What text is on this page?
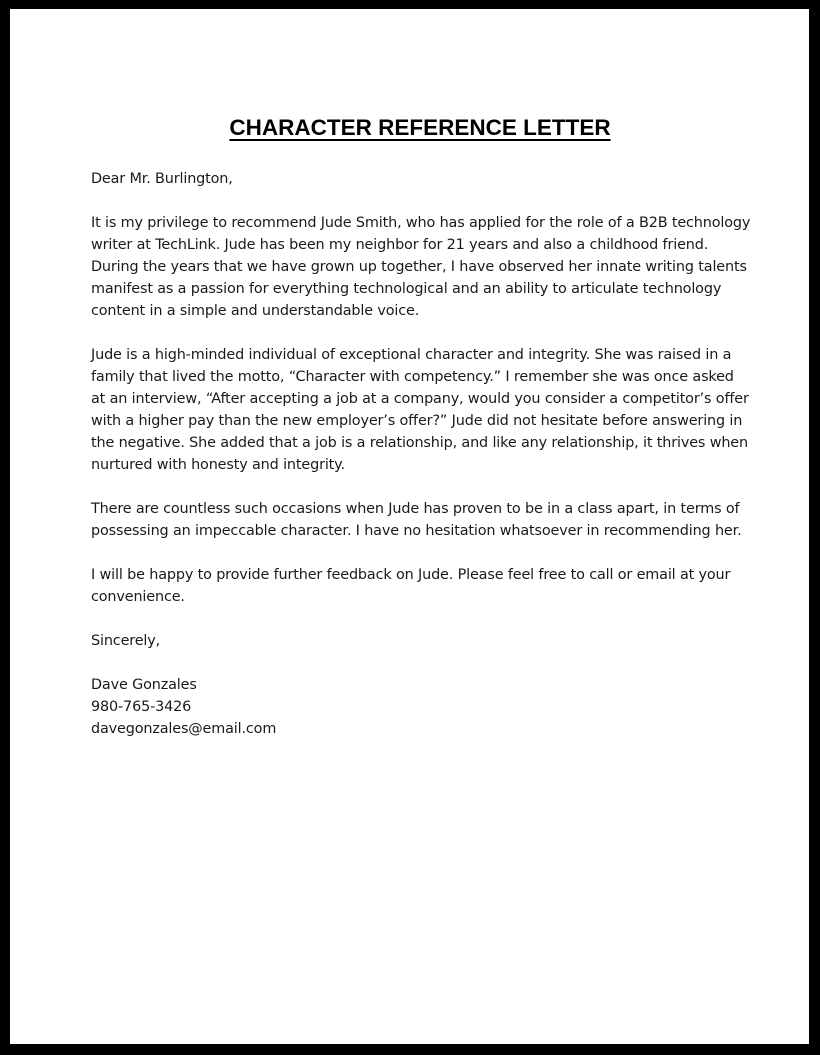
CHARACTER REFERENCE LETTER

Dear Mr. Burlington,

It is my privilege to recommend Jude Smith, who has applied for the role of a B2B technology writer at TechLink. Jude has been my neighbor for 21 years and also a childhood friend. During the years that we have grown up together, I have observed her innate writing talents manifest as a passion for everything technological and an ability to articulate technology content in a simple and understandable voice.

Jude is a high-minded individual of exceptional character and integrity. She was raised in a family that lived the motto, “Character with competency.” I remember she was once asked at an interview, “After accepting a job at a company, would you consider a competitor’s offer with a higher pay than the new employer’s offer?” Jude did not hesitate before answering in the negative. She added that a job is a relationship, and like any relationship, it thrives when nurtured with honesty and integrity.

There are countless such occasions when Jude has proven to be in a class apart, in terms of possessing an impeccable character. I have no hesitation whatsoever in recommending her.

I will be happy to provide further feedback on Jude. Please feel free to call or email at your convenience.

Sincerely,

Dave Gonzales

980-765-3426

davegonzales@email.com
